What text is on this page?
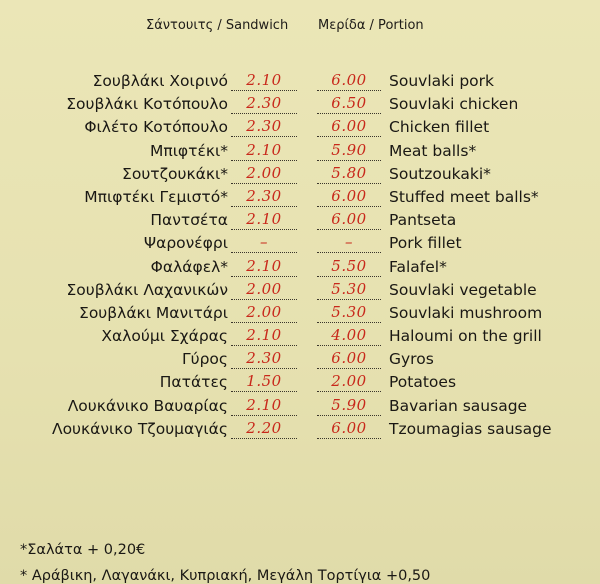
Σάντουιτς / Sandwich Μερίδα / Portion
Σουβλάκι Χοιρινό	2.10	6.00	Souvlaki pork
Σουβλάκι Κοτόπουλο	2.30	6.50	Souvlaki chicken
Φιλέτο Κοτόπουλο	2.30	6.00	Chicken fillet
Μπιφτέκι*	2.10	5.90	Meat balls*
Σουτζουκάκι*	2.00	5.80	Soutzoukaki*
Μπιφτέκι Γεμιστό*	2.30	6.00	Stuffed meet balls*
Παντσέτα	2.10	6.00	Pantseta
Ψαρονέφρι	–	–	Pork fillet
Φαλάφελ*	2.10	5.50	Falafel*
Σουβλάκι Λαχανικών	2.00	5.30	Souvlaki vegetable
Σουβλάκι Μανιτάρι	2.00	5.30	Souvlaki mushroom
Χαλούμι Σχάρας	2.10	4.00	Haloumi on the grill
Γύρος	2.30	6.00	Gyros
Πατάτες	1.50	2.00	Potatoes
Λουκάνικο Βαυαρίας	2.10	5.90	Bavarian sausage
Λουκάνικο Τζουμαγιάς	2.20	6.00	Tzoumagias sausage
*Σαλάτα + 0,20€
* Αράβικη, Λαγανάκι, Κυπριακή, Μεγάλη Τορτίγια +0,50
